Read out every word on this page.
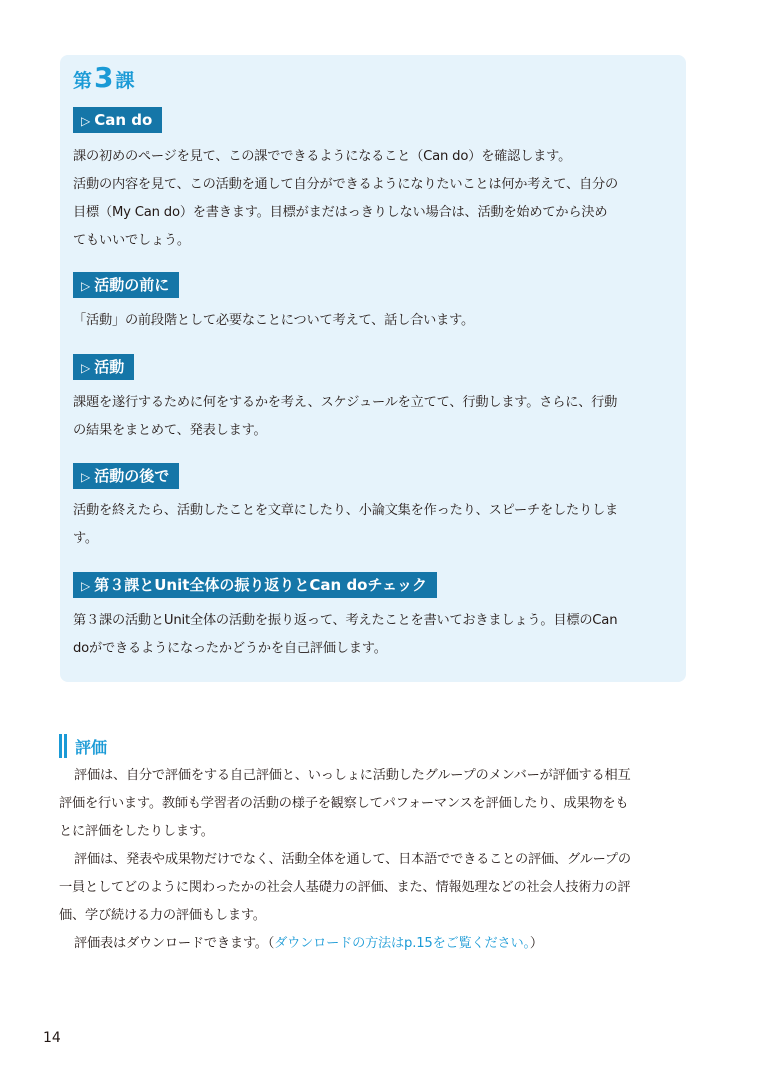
第3 課
▷ Can do
課の初めのページを見て、この課でできるようになること（Can do）を確認します。
活動の内容を見て、この活動を通して自分ができるようになりたいことは何か考えて、自分の
目標（My Can do）を書きます。目標がまだはっきりしない場合は、活動を始めてから決め
てもいいでしょう。
▷ 活動の前に
「活動」の前段階として必要なことについて考えて、話し合います。
▷ 活動
課題を遂行するために何をするかを考え、スケジュールを立てて、行動します。さらに、行動
の結果をまとめて、発表します。
▷ 活動の後で
活動を終えたら、活動したことを文章にしたり、小論文集を作ったり、スピーチをしたりしま
す。
▷ 第３課とUnit全体の振り返りとCan doチェック
第３課の活動とUnit全体の活動を振り返って、考えたことを書いておきましょう。目標のCan
doができるようになったかどうかを自己評価します。
評価
評価は、自分で評価をする自己評価と、いっしょに活動したグループのメンバーが評価する相互
評価を行います。教師も学習者の活動の様子を観察してパフォーマンスを評価したり、成果物をも
とに評価をしたりします。
評価は、発表や成果物だけでなく、活動全体を通して、日本語でできることの評価、グループの
一員としてどのように関わったかの社会人基礎力の評価、また、情報処理などの社会人技術力の評
価、学び続ける力の評価もします。
評価表はダウンロードできます。（ダウンロードの方法はp.15をご覧ください。）
14
